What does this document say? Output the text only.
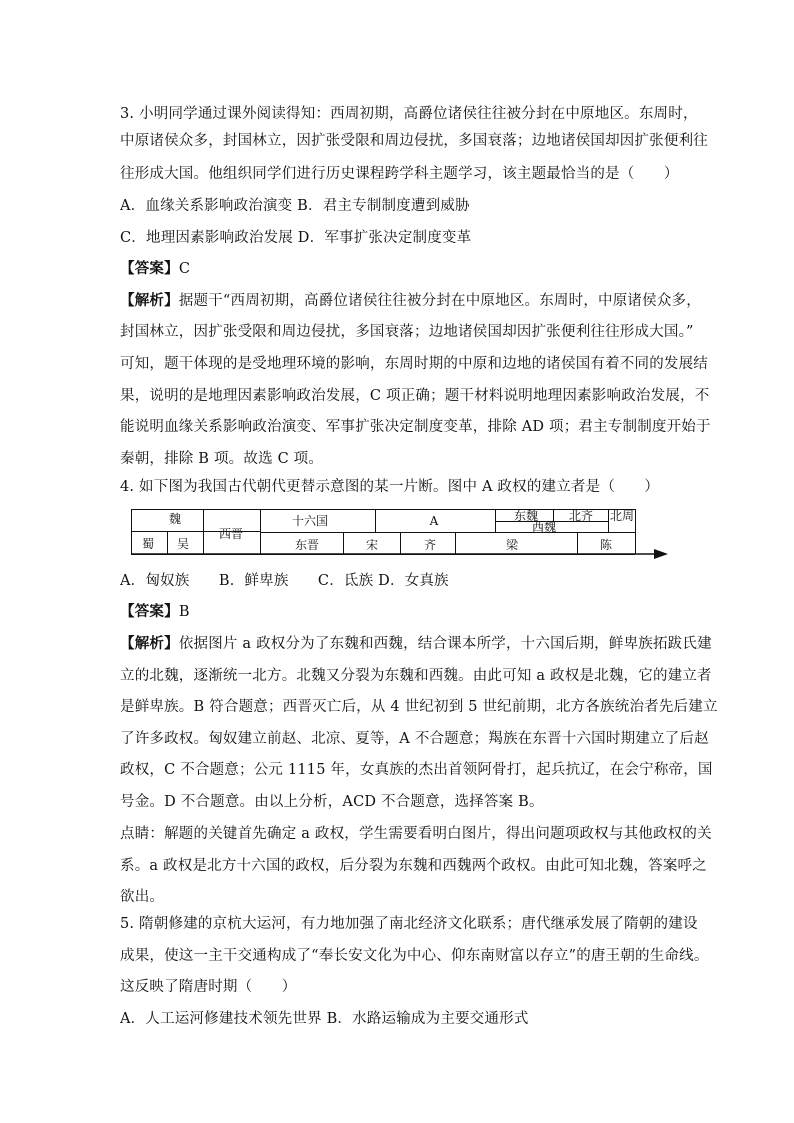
3. 小明同学通过课外阅读得知：西周初期，高爵位诸侯往往被分封在中原地区。东周时，
中原诸侯众多，封国林立，因扩张受限和周边侵扰，多国衰落；边地诸侯国却因扩张便利往
往形成大国。他组织同学们进行历史课程跨学科主题学习，该主题最恰当的是（　　）
A．血缘关系影响政治演变 B．君主专制制度遭到威胁
C．地理因素影响政治发展 D．军事扩张决定制度变革
【答案】C
【解析】据题干“西周初期，高爵位诸侯往往被分封在中原地区。东周时，中原诸侯众多，
封国林立，因扩张受限和周边侵扰，多国衰落；边地诸侯国却因扩张便利往往形成大国。”
可知，题干体现的是受地理环境的影响，东周时期的中原和边地的诸侯国有着不同的发展结
果，说明的是地理因素影响政治发展，C 项正确；题干材料说明地理因素影响政治发展，不
能说明血缘关系影响政治演变、军事扩张决定制度变革，排除 AD 项；君主专制制度开始于
秦朝，排除 B 项。故选 C 项。
4. 如下图为我国古代朝代更替示意图的某一片断。图中 A 政权的建立者是（　　）
魏
蜀	吴
西晋
十六国	A	东魏	北齐	北周
西魏
东晋	宋	齐	梁	陈
A．匈奴族　　B．鲜卑族　　C．氐族 D．女真族
【答案】B
【解析】依据图片 a 政权分为了东魏和西魏，结合课本所学，十六国后期，鲜卑族拓跋氏建
立的北魏，逐渐统一北方。北魏又分裂为东魏和西魏。由此可知 a 政权是北魏，它的建立者
是鲜卑族。B 符合题意；西晋灭亡后，从 4 世纪初到 5 世纪前期，北方各族统治者先后建立
了许多政权。匈奴建立前赵、北凉、夏等，A 不合题意；羯族在东晋十六国时期建立了后赵
政权，C 不合题意；公元 1115 年，女真族的杰出首领阿骨打，起兵抗辽，在会宁称帝，国
号金。D 不合题意。由以上分析，ACD 不合题意，选择答案 B。
点睛：解题的关键首先确定 a 政权，学生需要看明白图片，得出问题项政权与其他政权的关
系。a 政权是北方十六国的政权，后分裂为东魏和西魏两个政权。由此可知北魏，答案呼之
欲出。
5. 隋朝修建的京杭大运河，有力地加强了南北经济文化联系；唐代继承发展了隋朝的建设
成果，使这一主干交通构成了“奉长安文化为中心、仰东南财富以存立”的唐王朝的生命线。
这反映了隋唐时期（　　）
A．人工运河修建技术领先世界 B．水路运输成为主要交通形式
